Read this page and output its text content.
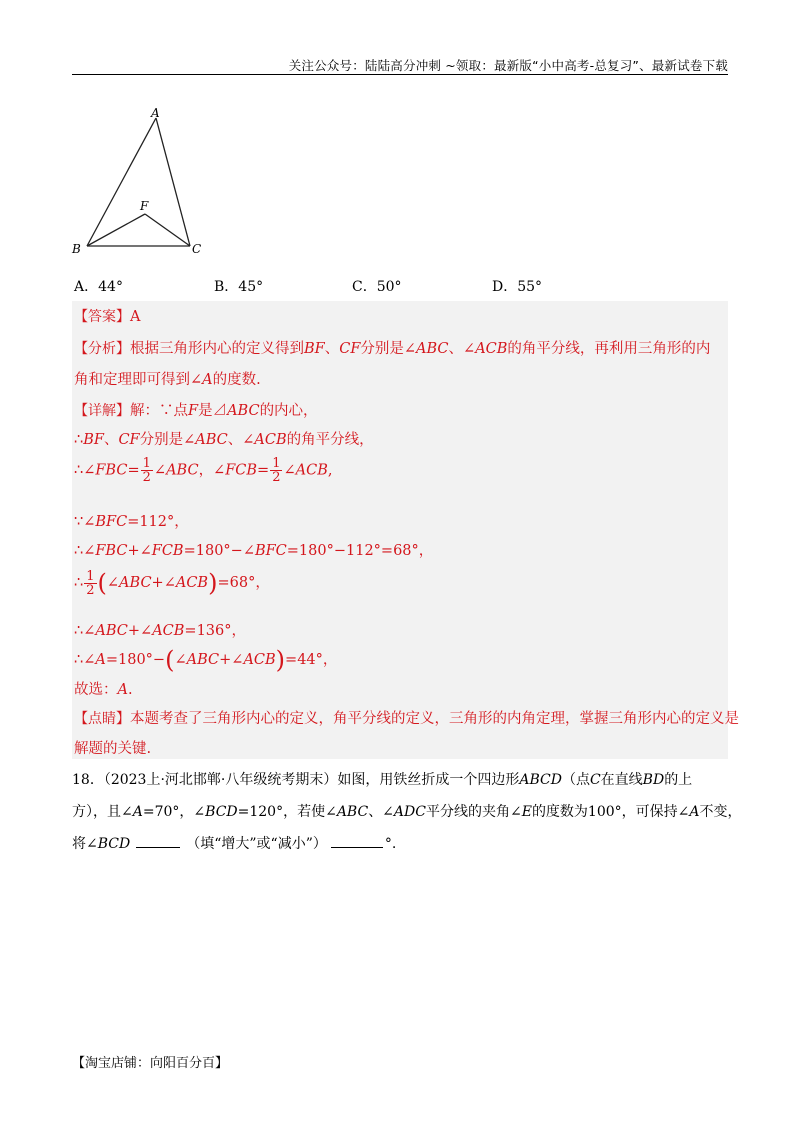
关注公众号：陆陆高分冲刺 ~领取：最新版“小中高考-总复习”、最新试卷下载
A
B	C
F
A．44°	B．45°	C．50°	D．55°
【答案】A
【分析】根据三角形内心的定义得到BF、CF分别是∠ABC、∠ACB的角平分线，再利用三角形的内
角和定理即可得到∠A的度数.
【详解】解：∵点F是⊿ABC的内心，
∴BF、CF分别是∠ABC、∠ACB的角平分线，
∴∠FBC= $\frac{1}{2}$ ∠ABC，∠FCB= $\frac{1}{2}$ ∠ACB,
∵∠BFC=112°，
∴∠FBC+∠FCB=180°−∠BFC=180°−112°=68°，
∴ $\frac{1}{2}$ (∠ABC+∠ACB)=68°，
∴∠ABC+∠ACB=136°，
∴∠A=180°−(∠ABC+∠ACB)=44°，
故选：A.
【点睛】本题考查了三角形内心的定义，角平分线的定义，三角形的内角定理，掌握三角形内心的定义是
解题的关键.
18．（2023上·河北邯郸·八年级统考期末）如图，用铁丝折成一个四边形ABCD（点C在直线BD的上
方），且∠A=70°，∠BCD=120°，若使∠ABC、∠ADC平分线的夹角∠E的度数为100°，可保持∠A不变，
将∠BCD	（填“增大”或“减小”）	°.
【淘宝店铺：向阳百分百】
